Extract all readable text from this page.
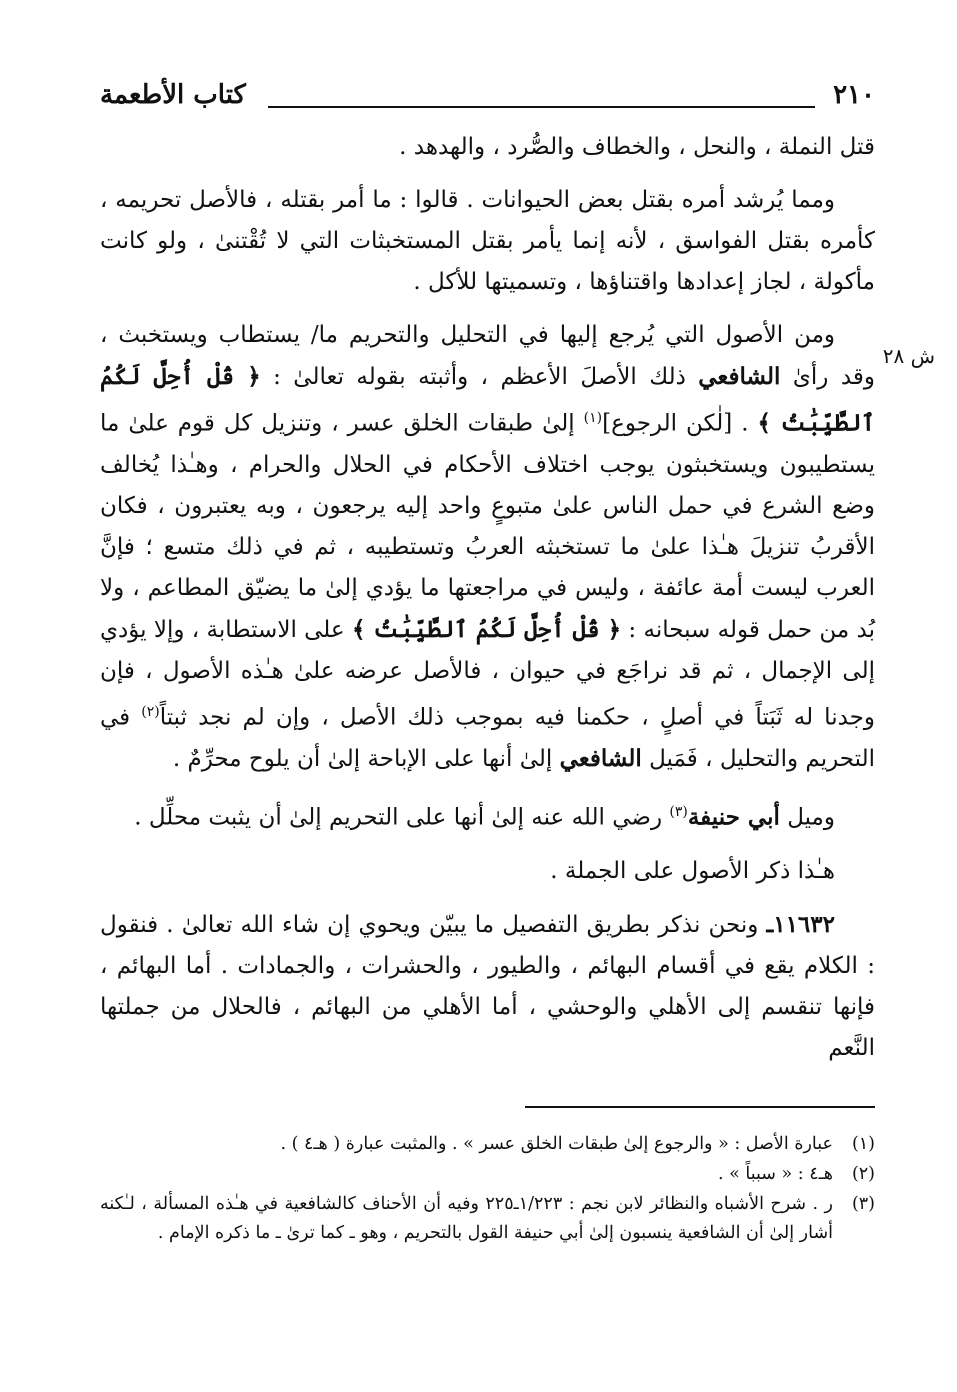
٢١٠
كتاب الأطعمة
ش ٢٨

قتل النملة ، والنحل ، والخطاف والصُّرد ، والهدهد .

ومما يُرشد أمره بقتل بعض الحيوانات . قالوا : ما أمر بقتله ، فالأصل تحريمه ، كأمره بقتل الفواسق ، لأنه إنما يأمر بقتل المستخبثات التي لا تُقْتنىٰ ، ولو كانت مأكولة ، لجاز إعدادها واقتناؤها ، وتسميتها للأكل .

ومن الأصول التي يُرجع إليها في التحليل والتحريم ما/ يستطاب ويستخبث ، وقد رأىٰ الشافعي ذلك الأصلَ الأعظم ، وأثبته بقوله تعالىٰ : ﴿ قُلْ أُحِلَّ لَكُمُ ٱلطَّيِّبَٰتُ ﴾ . [لٰكن الرجوع]$^{(١)}$ إلىٰ طبقات الخلق عسر ، وتنزيل كل قوم علىٰ ما يستطيبون ويستخبثون يوجب اختلاف الأحكام في الحلال والحرام ، وهـٰذا يُخالف وضع الشرع في حمل الناس علىٰ متبوعٍ واحد إليه يرجعون ، وبه يعتبرون ، فكان الأقربُ تنزيلَ هـٰذا علىٰ ما تستخبثه العربُ وتستطيبه ، ثم في ذلك متسع ؛ فإنَّ العرب ليست أمة عائفة ، وليس في مراجعتها ما يؤدي إلىٰ ما يضيّق المطاعم ، ولا بُد من حمل قوله سبحانه : ﴿ قُلْ أُحِلَّ لَكُمُ ٱلطَّيِّبَٰتُ ﴾ على الاستطابة ، وإلا يؤدي إلى الإجمال ، ثم قد نراجَع في حيوان ، فالأصل عرضه علىٰ هـٰذه الأصول ، فإن وجدنا له ثَبَتاً في أصلٍ ، حكمنا فيه بموجب ذلك الأصل ، وإن لم نجد ثبتاً$^{(٢)}$ في التحريم والتحليل ، فَمَيل الشافعي إلىٰ أنها على الإباحة إلىٰ أن يلوح محرِّمٌ .

وميل أبي حنيفة$^{(٣)}$ رضي الله عنه إلىٰ أنها على التحريم إلىٰ أن يثبت محلِّل .

هـٰذا ذكر الأصول على الجملة .

١١٦٣٢ـ ونحن نذكر بطريق التفصيل ما يبيّن ويحوي إن شاء الله تعالىٰ . فنقول : الكلام يقع في أقسام البهائم ، والطيور ، والحشرات ، والجمادات . أما البهائم ، فإنها تنقسم إلى الأهلي والوحشي ، أما الأهلي من البهائم ، فالحلال من جملتها النَّعم

(١)
عبارة الأصل : « والرجوع إلىٰ طبقات الخلق عسر » . والمثبت عبارة ( هـ٤ ) .
(٢)
هـ٤ : « سبباً » .
(٣)
ر . شرح الأشباه والنظائر لابن نجم : ١/٢٢٣ـ٢٢٥ وفيه أن الأحناف كالشافعية في هـٰذه المسألة ، لـٰكنه أشار إلىٰ أن الشافعية ينسبون إلىٰ أبي حنيفة القول بالتحريم ، وهو ـ كما ترىٰ ـ ما ذكره الإمام .
